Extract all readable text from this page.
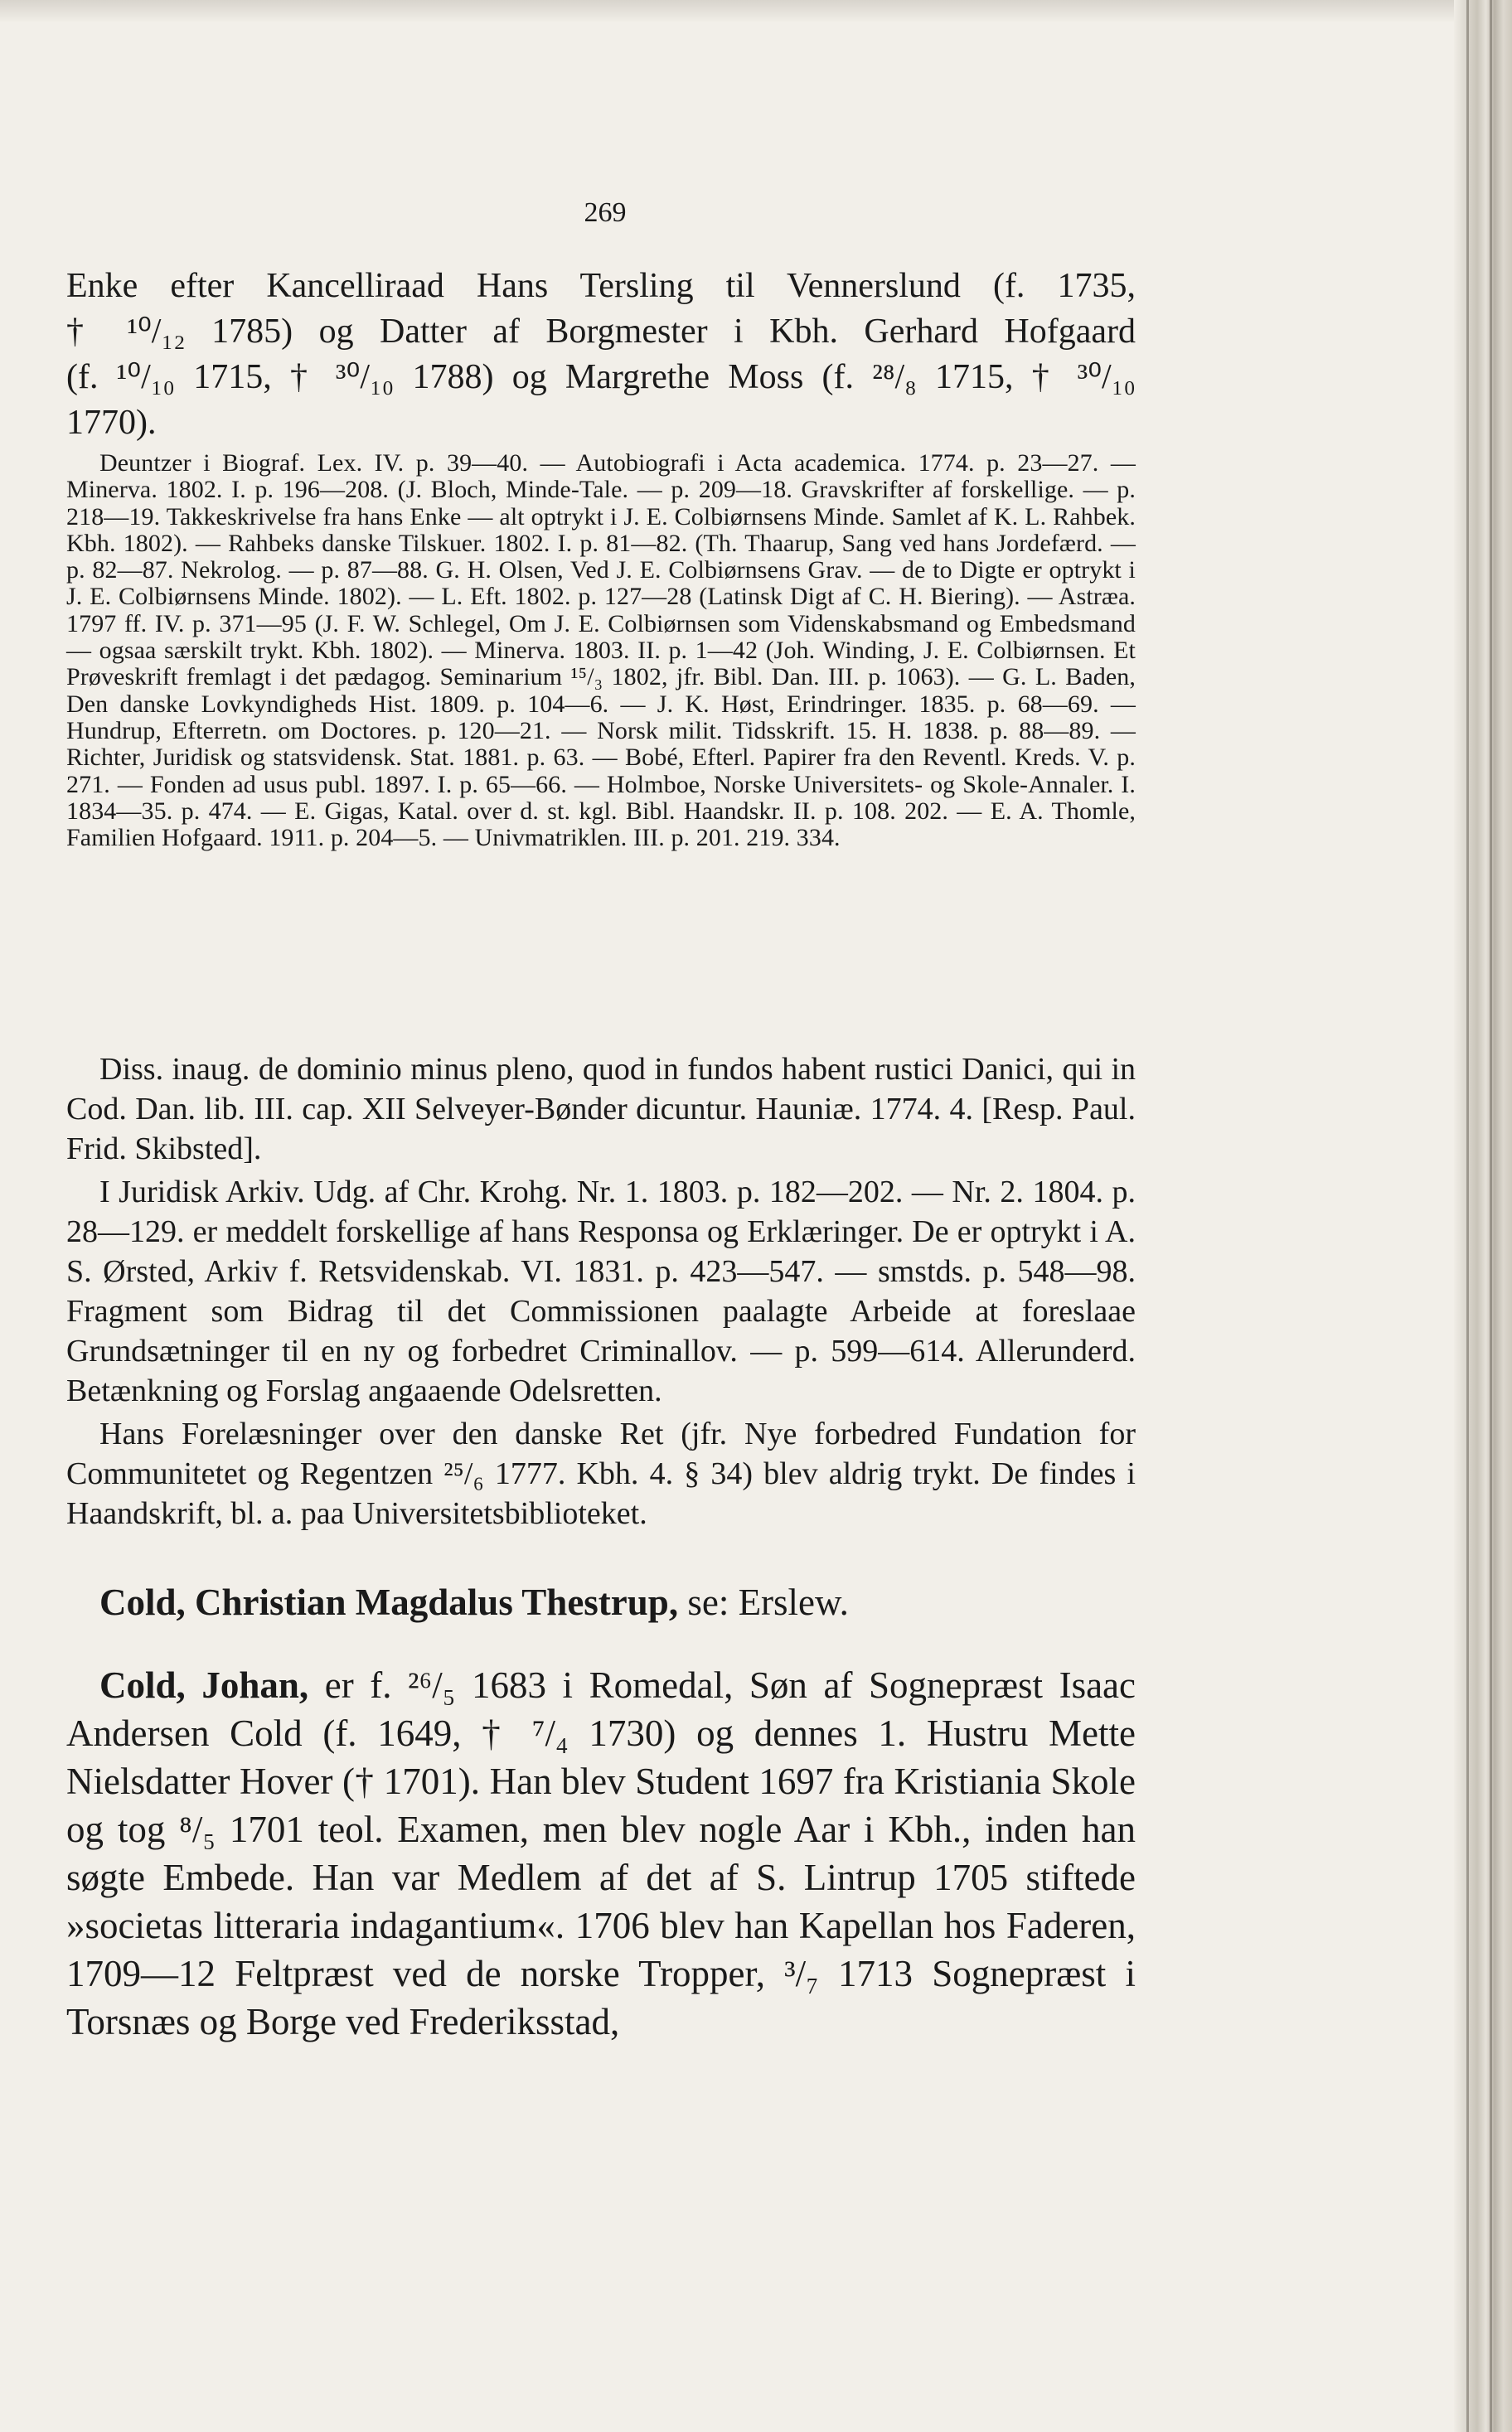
269

Enke efter Kancelliraad Hans Tersling til Vennerslund (f. 1735,

† ¹⁰/₁₂ 1785) og Datter af Borgmester i Kbh. Gerhard Hofgaard

(f. ¹⁰/₁₀ 1715, † ³⁰/₁₀ 1788) og Margrethe Moss (f. ²⁸/₈ 1715, † ³⁰/₁₀

1770).

Deuntzer i Biograf. Lex. IV. p. 39—40. — Autobiografi i Acta academica. 1774. p. 23—27. — Minerva. 1802. I. p. 196—208. (J. Bloch, Minde-Tale. — p. 209—18. Gravskrifter af forskellige. — p. 218—19. Takkeskrivelse fra hans Enke — alt optrykt i J. E. Colbiørnsens Minde. Samlet af K. L. Rahbek. Kbh. 1802). — Rahbeks danske Tilskuer. 1802. I. p. 81—82. (Th. Thaarup, Sang ved hans Jordefærd. — p. 82—87. Nekrolog. — p. 87—88. G. H. Olsen, Ved J. E. Colbiørnsens Grav. — de to Digte er optrykt i J. E. Colbiørnsens Minde. 1802). — L. Eft. 1802. p. 127—28 (Latinsk Digt af C. H. Biering). — Astræa. 1797 ff. IV. p. 371—95 (J. F. W. Schlegel, Om J. E. Colbiørnsen som Videnskabsmand og Embedsmand — ogsaa særskilt trykt. Kbh. 1802). — Minerva. 1803. II. p. 1—42 (Joh. Winding, J. E. Colbiørnsen. Et Prøveskrift fremlagt i det pædagog. Seminarium ¹⁵/₃ 1802, jfr. Bibl. Dan. III. p. 1063). — G. L. Baden, Den danske Lovkyndigheds Hist. 1809. p. 104—6. — J. K. Høst, Erindringer. 1835. p. 68—69. — Hundrup, Efterretn. om Doctores. p. 120—21. — Norsk milit. Tidsskrift. 15. H. 1838. p. 88—89. — Richter, Juridisk og statsvidensk. Stat. 1881. p. 63. — Bobé, Efterl. Papirer fra den Reventl. Kreds. V. p. 271. — Fonden ad usus publ. 1897. I. p. 65—66. — Holmboe, Norske Universitets- og Skole-Annaler. I. 1834—35. p. 474. — E. Gigas, Katal. over d. st. kgl. Bibl. Haandskr. II. p. 108. 202. — E. A. Thomle, Familien Hofgaard. 1911. p. 204—5. — Univmatriklen. III. p. 201. 219. 334.

Diss. inaug. de dominio minus pleno, quod in fundos habent rustici Danici, qui in Cod. Dan. lib. III. cap. XII Selveyer-Bønder dicuntur. Hauniæ. 1774. 4. [Resp. Paul. Frid. Skibsted].

I Juridisk Arkiv. Udg. af Chr. Krohg. Nr. 1. 1803. p. 182—202. — Nr. 2. 1804. p. 28—129. er meddelt forskellige af hans Responsa og Erklæringer. De er optrykt i A. S. Ørsted, Arkiv f. Retsvidenskab. VI. 1831. p. 423—547. — smstds. p. 548—98. Fragment som Bidrag til det Commissionen paalagte Arbeide at foreslaae Grundsætninger til en ny og forbedret Criminallov. — p. 599—614. Allerunderd. Betænkning og Forslag angaaende Odelsretten.

Hans Forelæsninger over den danske Ret (jfr. Nye forbedred Fundation for Communitetet og Regentzen ²⁵/₆ 1777. Kbh. 4. § 34) blev aldrig trykt. De findes i Haandskrift, bl. a. paa Universitetsbiblioteket.

Cold, Christian Magdalus Thestrup, se: Erslew.

Cold, Johan, er f. ²⁶/₅ 1683 i Romedal, Søn af Sognepræst Isaac Andersen Cold (f. 1649, † ⁷/₄ 1730) og dennes 1. Hustru Mette Nielsdatter Hover († 1701). Han blev Student 1697 fra Kristiania Skole og tog ⁸/₅ 1701 teol. Examen, men blev nogle Aar i Kbh., inden han søgte Embede. Han var Medlem af det af S. Lintrup 1705 stiftede »societas litteraria indagantium«. 1706 blev han Kapellan hos Faderen, 1709—12 Feltpræst ved de norske Tropper, ³/₇ 1713 Sognepræst i Torsnæs og Borge ved Frederiksstad,
